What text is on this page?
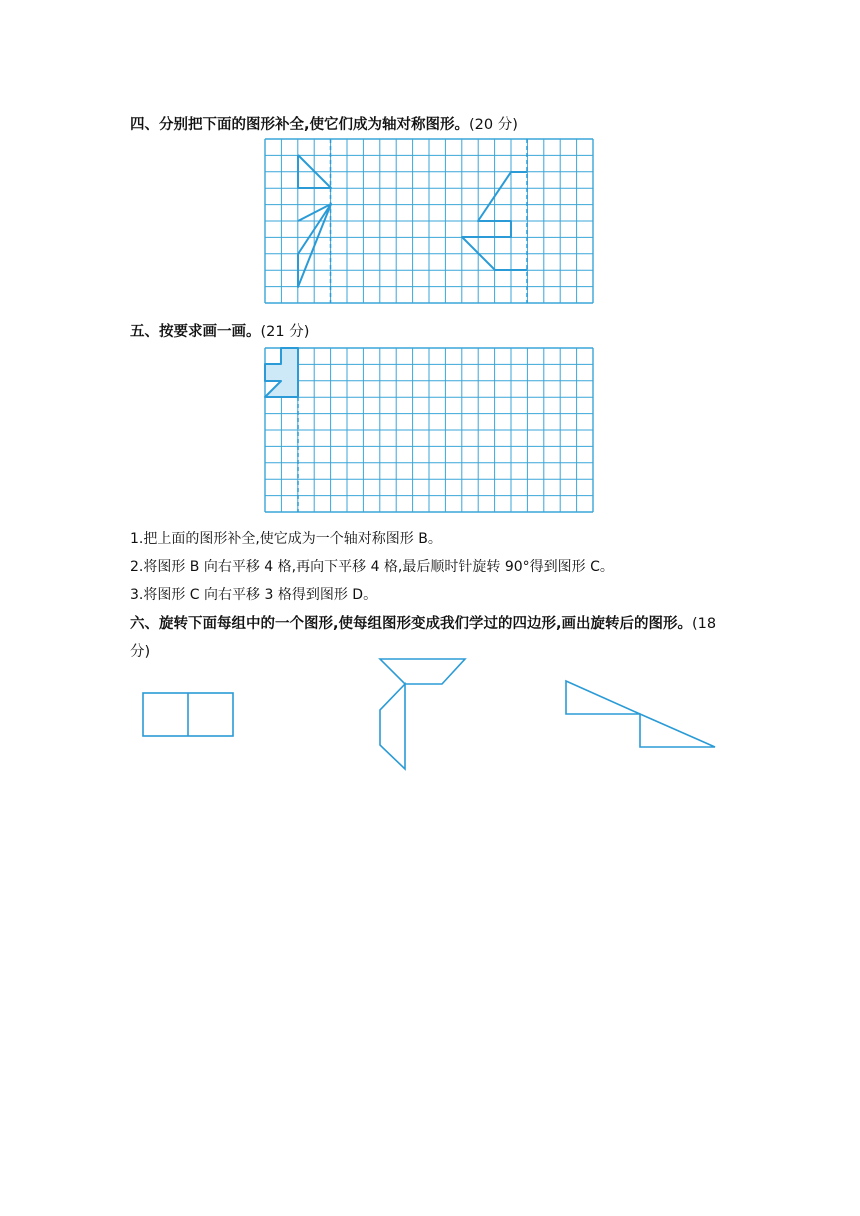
四、分别把下面的图形补全,使它们成为轴对称图形。(20 分)
五、按要求画一画。(21 分)
1.把上面的图形补全,使它成为一个轴对称图形 B。
2.将图形 B 向右平移 4 格,再向下平移 4 格,最后顺时针旋转 90°得到图形 C。
3.将图形 C 向右平移 3 格得到图形 D。
六、旋转下面每组中的一个图形,使每组图形变成我们学过的四边形,画出旋转后的图形。(18
分)
